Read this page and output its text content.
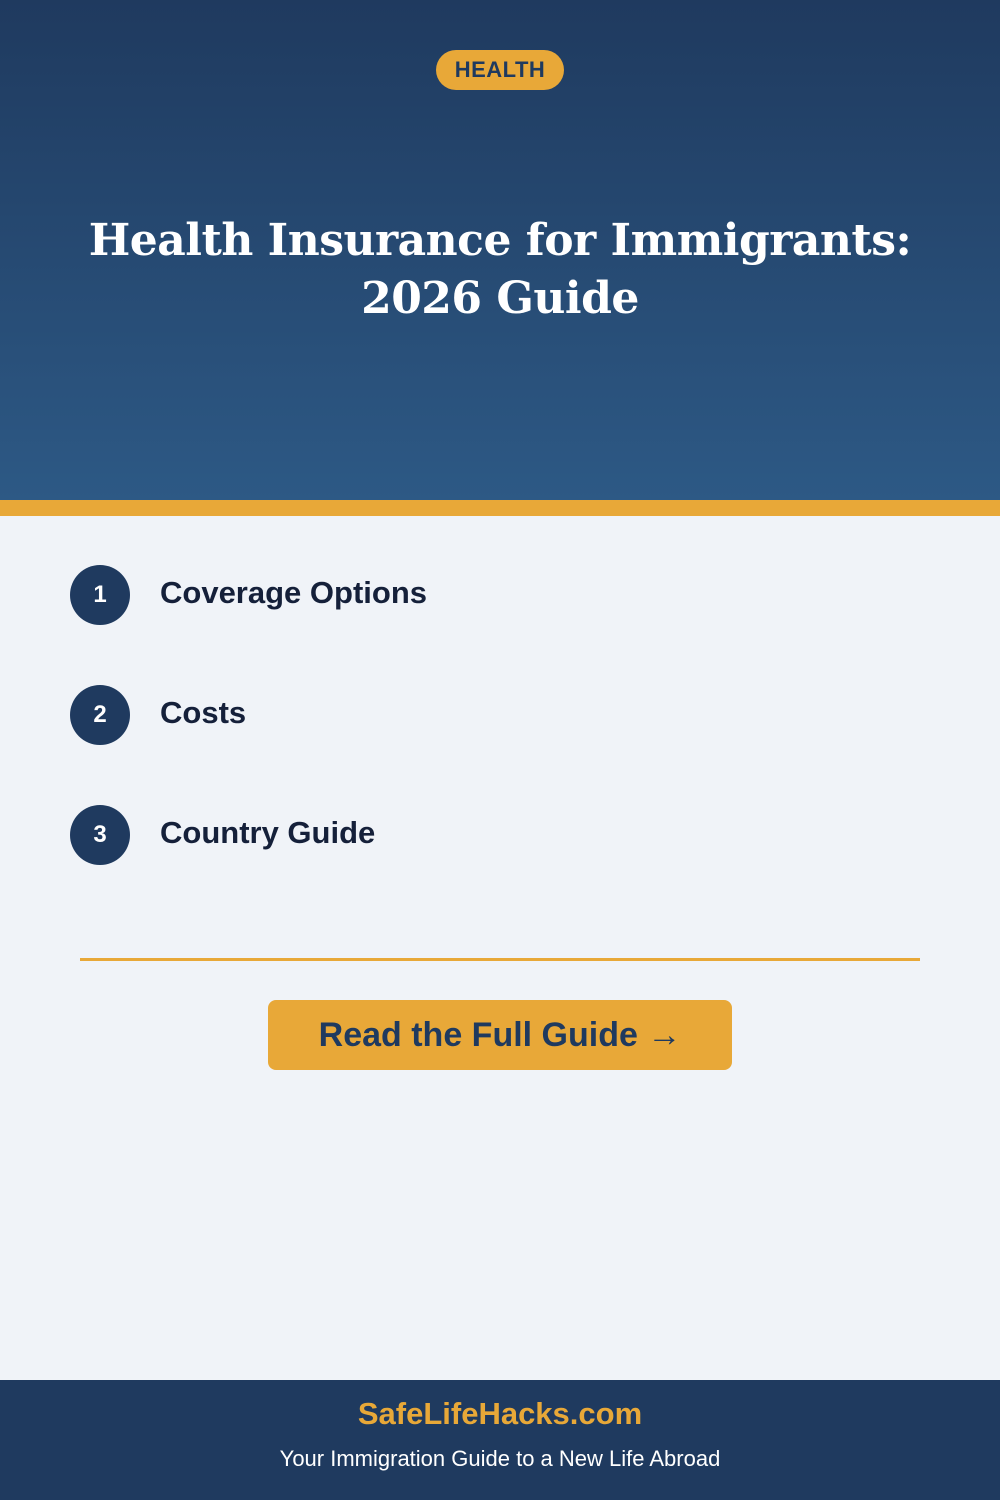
HEALTH
Health Insurance for Immigrants: 2026 Guide
1	Coverage Options
2	Costs
3	Country Guide
Read the Full Guide →
SafeLifeHacks.com
Your Immigration Guide to a New Life Abroad
